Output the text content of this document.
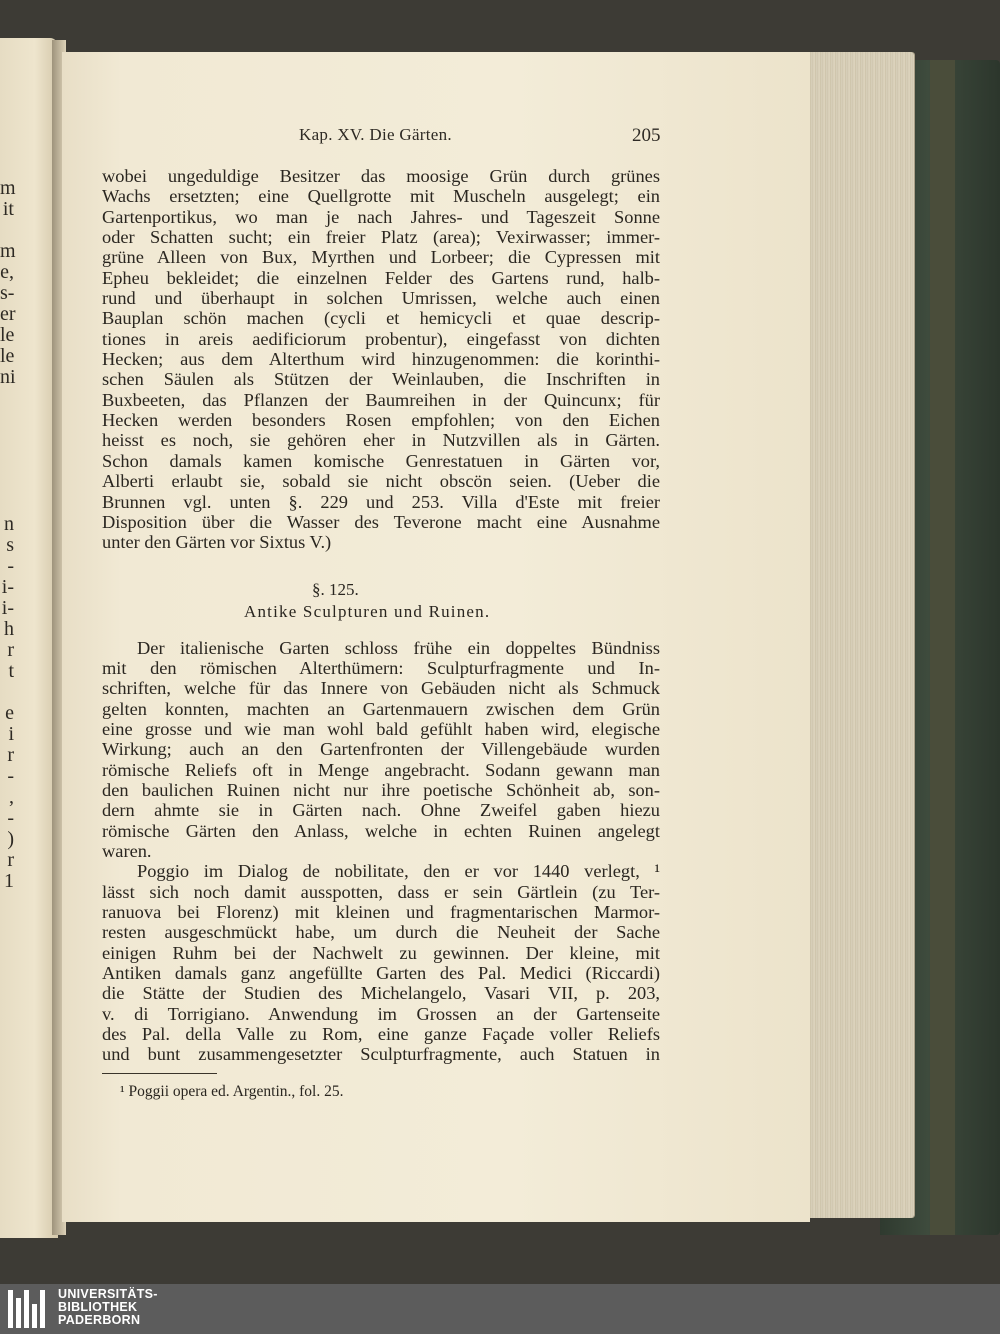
m
it
m
e,
s-
er
le
le
ni
n
s
-
i-
i-
h
r
t
e
i
r
-
,
-
)
r
1
Kap. XV. Die Gärten.	205
wobei ungeduldige Besitzer das moosige Grün durch grünes
Wachs ersetzten; eine Quellgrotte mit Muscheln ausgelegt; ein
Gartenportikus, wo man je nach Jahres- und Tageszeit Sonne
oder Schatten sucht; ein freier Platz (area); Vexirwasser; immer-
grüne Alleen von Bux, Myrthen und Lorbeer; die Cypressen mit
Epheu bekleidet; die einzelnen Felder des Gartens rund, halb-
rund und überhaupt in solchen Umrissen, welche auch einen
Bauplan schön machen (cycli et hemicycli et quae descrip-
tiones in areis aedificiorum probentur), eingefasst von dichten
Hecken; aus dem Alterthum wird hinzugenommen: die korinthi-
schen Säulen als Stützen der Weinlauben, die Inschriften in
Buxbeeten, das Pflanzen der Baumreihen in der Quincunx; für
Hecken werden besonders Rosen empfohlen; von den Eichen
heisst es noch, sie gehören eher in Nutzvillen als in Gärten.
Schon damals kamen komische Genrestatuen in Gärten vor,
Alberti erlaubt sie, sobald sie nicht obscön seien. (Ueber die
Brunnen vgl. unten §. 229 und 253. Villa d'Este mit freier
Disposition über die Wasser des Teverone macht eine Ausnahme
unter den Gärten vor Sixtus V.)
Der italienische Garten schloss frühe ein doppeltes Bündniss
mit den römischen Alterthümern: Sculpturfragmente und In-
schriften, welche für das Innere von Gebäuden nicht als Schmuck
gelten konnten, machten an Gartenmauern zwischen dem Grün
eine grosse und wie man wohl bald gefühlt haben wird, elegische
Wirkung; auch an den Gartenfronten der Villengebäude wurden
römische Reliefs oft in Menge angebracht. Sodann gewann man
den baulichen Ruinen nicht nur ihre poetische Schönheit ab, son-
dern ahmte sie in Gärten nach. Ohne Zweifel gaben hiezu
römische Gärten den Anlass, welche in echten Ruinen angelegt
waren.
Poggio im Dialog de nobilitate, den er vor 1440 verlegt, ¹
lässt sich noch damit ausspotten, dass er sein Gärtlein (zu Ter-
ranuova bei Florenz) mit kleinen und fragmentarischen Marmor-
resten ausgeschmückt habe, um durch die Neuheit der Sache
einigen Ruhm bei der Nachwelt zu gewinnen. Der kleine, mit
Antiken damals ganz angefüllte Garten des Pal. Medici (Riccardi)
die Stätte der Studien des Michelangelo, Vasari VII, p. 203,
v. di Torrigiano. Anwendung im Grossen an der Gartenseite
des Pal. della Valle zu Rom, eine ganze Façade voller Reliefs
und bunt zusammengesetzter Sculpturfragmente, auch Statuen in
§. 125.
Antike Sculpturen und Ruinen.
¹ Poggii opera ed. Argentin., fol. 25.
UNIVERSITÄTS-
BIBLIOTHEK
PADERBORN
